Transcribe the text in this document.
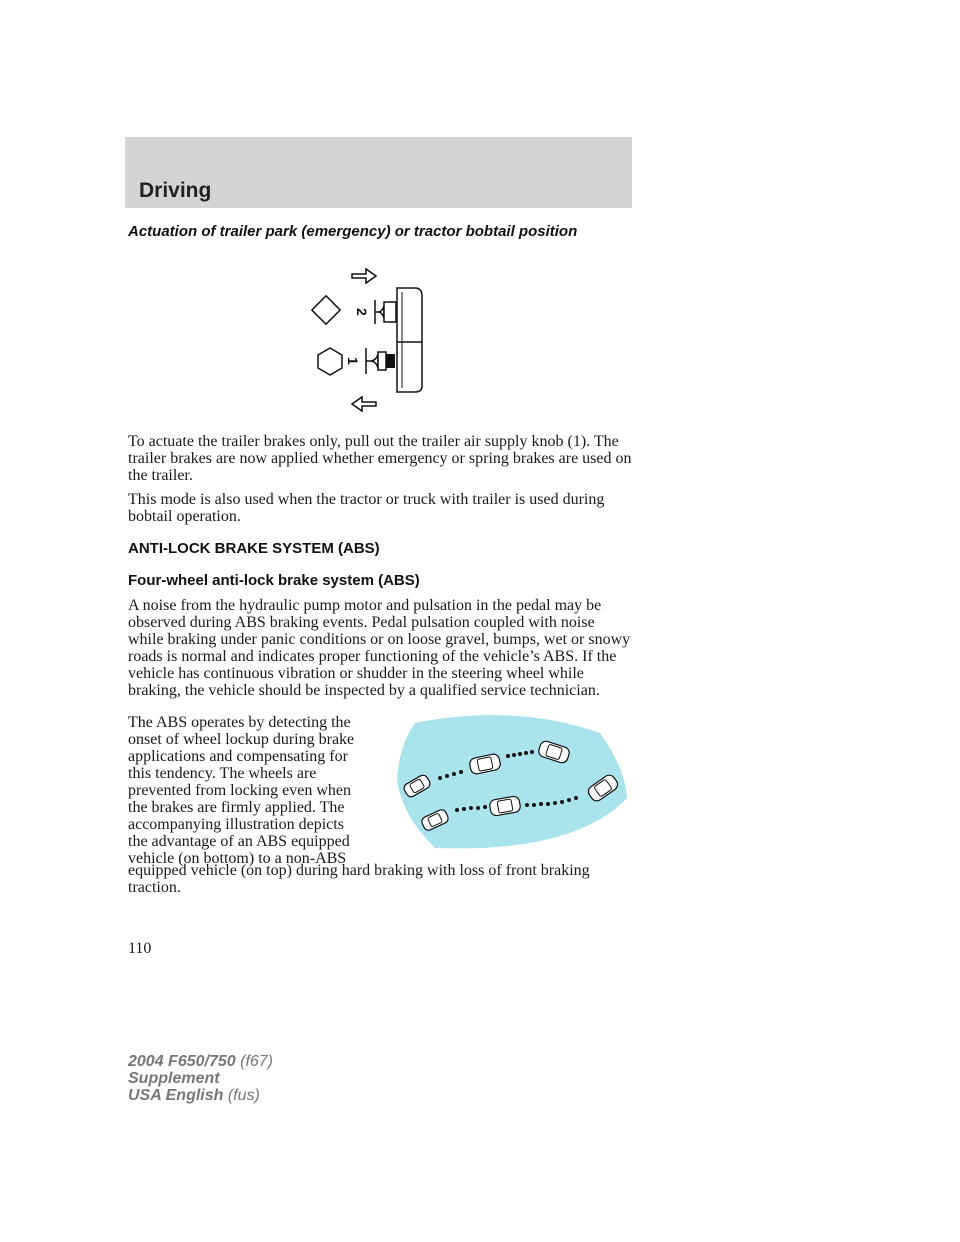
Driving
Actuation of trailer park (emergency) or tractor bobtail position
2
1

To actuate the trailer brakes only, pull out the trailer air supply knob (1). The trailer brakes are now applied whether emergency or spring brakes are used on the trailer.

This mode is also used when the tractor or truck with trailer is used during bobtail operation.

ANTI-LOCK BRAKE SYSTEM (ABS)
Four-wheel anti-lock brake system (ABS)

A noise from the hydraulic pump motor and pulsation in the pedal may be observed during ABS braking events. Pedal pulsation coupled with noise while braking under panic conditions or on loose gravel, bumps, wet or snowy roads is normal and indicates proper functioning of the vehicle’s ABS. If the vehicle has continuous vibration or shudder in the steering wheel while braking, the vehicle should be inspected by a qualified service technician.

The ABS operates by detecting the
onset of wheel lockup during brake
applications and compensating for
this tendency. The wheels are
prevented from locking even when
the brakes are firmly applied. The
accompanying illustration depicts
the advantage of an ABS equipped
vehicle (on bottom) to a non-ABS
equipped vehicle (on top) during hard braking with loss of front braking traction.
110
2004 F650/750 (f67)
Supplement
USA English (fus)
